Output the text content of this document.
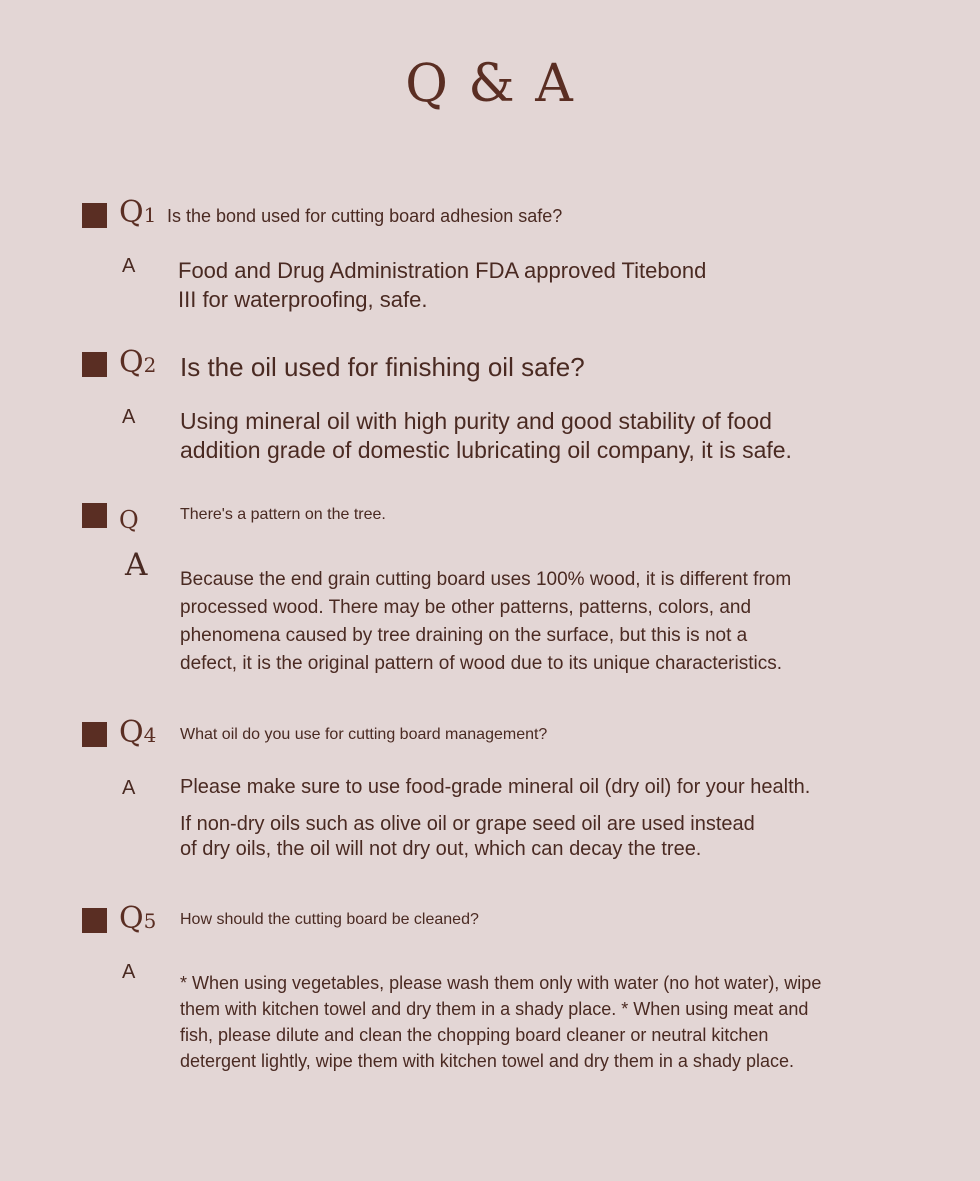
Q & A
Q1 Is the bond used for cutting board adhesion safe?
A Food and Drug Administration FDA approved Titebond
III for waterproofing, safe.
Q2 Is the oil used for finishing oil safe?
A Using mineral oil with high purity and good stability of food
addition grade of domestic lubricating oil company, it is safe.
Q	There's a pattern on the tree.
A Because the end grain cutting board uses 100% wood, it is different from
processed wood. There may be other patterns, patterns, colors, and
phenomena caused by tree draining on the surface, but this is not a
defect, it is the original pattern of wood due to its unique characteristics.
Q4 What oil do you use for cutting board management?
A Please make sure to use food-grade mineral oil (dry oil) for your health.
If non-dry oils such as olive oil or grape seed oil are used instead
of dry oils, the oil will not dry out, which can decay the tree.
Q5 How should the cutting board be cleaned?
A * When using vegetables, please wash them only with water (no hot water), wipe
them with kitchen towel and dry them in a shady place. * When using meat and
fish, please dilute and clean the chopping board cleaner or neutral kitchen
detergent lightly, wipe them with kitchen towel and dry them in a shady place.
